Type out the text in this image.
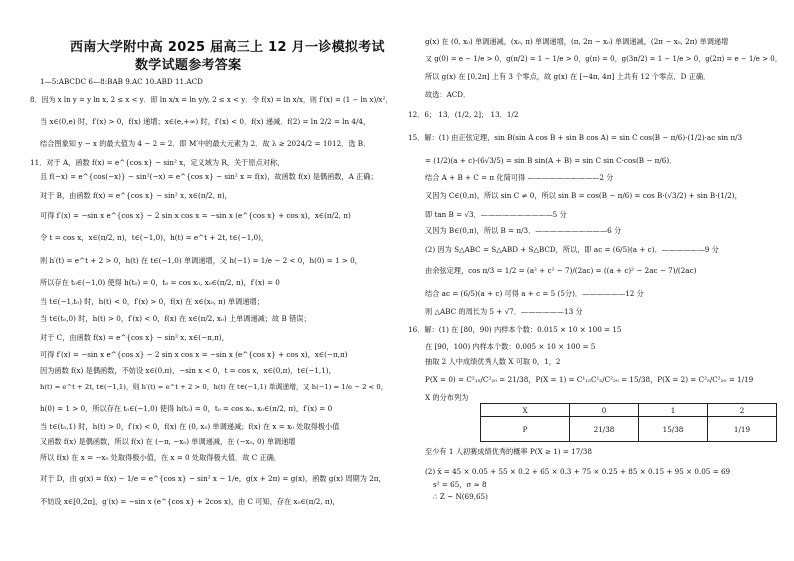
西南大学附中高 2025 届高三上 12 月一诊模拟考试
数学试题参考答案
1—5:ABCDC 6—8:BAB 9.AC 10.ABD 11.ACD
8．因为 x ln y = y ln x, 2 ≤ x < y．即 ln x/x = ln y/y, 2 ≤ x < y．令 f(x) = ln x/x，则 f′(x) = (1 − ln x)/x²，
当 x∈(0,e) 时，f′(x) > 0，f(x) 递增；x∈(e,+∞) 时，f′(x) < 0．f(x) 递减．f(2) = ln 2/2 = ln 4/4，
结合图象知 y − x 的最大值为 4 − 2 = 2．即 M′中的最大元素为 2．故 λ ≥ 2024/2 = 1012．选 B．
11．对于 A，函数 f(x) = e^{cos x} − sin² x，定义域为 R，关于原点对称，
且 f(−x) = e^{cos(−x)} − sin²(−x) = e^{cos x} − sin² x = f(x)，故函数 f(x) 是偶函数，A 正确；
对于 B，由函数 f(x) = e^{cos x} − sin² x, x∈(π/2, π)，
可得 f′(x) = −sin x e^{cos x} − 2 sin x cos x = −sin x (e^{cos x} + cos x)，x∈(π/2, π)
令 t = cos x，x∈(π/2, π)，t∈(−1,0)，h(t) = e^t + 2t, t∈(−1,0)，
则 h′(t) = e^t + 2 > 0，h(t) 在 t∈(−1,0) 单调递增，又 h(−1) = 1/e − 2 < 0，h(0) = 1 > 0，
所以存在 t₀∈(−1,0) 使得 h(t₀) = 0，t₀ = cos x₀, x₀∈(π/2, π)，f′(x) = 0
当 t∈(−1,t₀) 时，h(t) < 0，f′(x) > 0，f(x) 在 x∈(x₀, π) 单调递增；
当 t∈(t₀,0) 时，h(t) > 0，f′(x) < 0，f(x) 在 x∈(π/2, x₀) 上单调递减；故 B 错误；
对于 C，由函数 f(x) = e^{cos x} − sin² x, x∈(−π,π)，
可得 f′(x) = −sin x e^{cos x} − 2 sin x cos x = −sin x (e^{cos x} + cos x)，x∈(−π,π)
因为函数 f(x) 是偶函数，不妨设 x∈(0,π)，−sin x < 0，t = cos x，x∈(0,π)，t∈(−1,1)，
h(t) = e^t + 2t, t∈(−1,1)，则 h′(t) = e^t + 2 > 0，h(t) 在 t∈(−1,1) 单调递增，又 h(−1) = 1/e − 2 < 0，
h(0) = 1 > 0，所以存在 t₀∈(−1,0) 使得 h(t₀) = 0，t₀ = cos x₀, x₀∈(π/2, π)，f′(x) = 0
当 t∈(t₀,1) 时，h(t) > 0，f′(x) < 0，f(x) 在 (0, x₀) 单调递减；f(x) 在 x = x₀ 处取得极小值
又函数 f(x) 是偶函数，所以 f(x) 在 (−π, −x₀) 单调递减，在 (−x₀, 0) 单调递增
所以 f(x) 在 x = −x₀ 处取得极小值，在 x = 0 处取得极大值．故 C 正确．
对于 D，由 g(x) = f(x) − 1/e = e^{cos x} − sin² x − 1/e，g(x + 2π) = g(x)，函数 g(x) 周期为 2π，
不妨设 x∈[0,2π]，g′(x) = −sin x (e^{cos x} + 2cos x)，由 C 可知，存在 x₀∈(π/2, π)，
g(x) 在 (0, x₀) 单调递减，(x₀, π) 单调递增，(π, 2π − x₀) 单调递减，(2π − x₀, 2π) 单调递增
又 g(0) = e − 1/e > 0，g(π/2) = 1 − 1/e > 0，g(π) = 0，g(3π/2) = 1 − 1/e > 0，g(2π) = e − 1/e > 0，
所以 g(x) 在 [0,2π] 上有 3 个零点，故 g(x) 在 [−4π, 4π] 上共有 12 个零点．D 正确．
故选：ACD．
12．6； 13．(1/2, 2]； 13．1/2
15．解：(1) 由正弦定理，sin B(sin A cos B + sin B cos A) = sin C cos(B − π/6)·(1/2)·ac sin π/3
= (1/2)(a + c)·(6√3/5) = sin B sin(A + B) = sin C sin C·cos(B − π/6)．
结合 A + B + C = π 化简可得 ——————————2 分
又因为 C∈(0,π)，所以 sin C ≠ 0，所以 sin B = cos(B − π/6) = cos B·(√3/2) + sin B·(1/2)，
即 tan B = √3．——————————5 分
又因为 B∈(0,π)，所以 B = π/3．——————————6 分
(2) 因为 S△ABC = S△ABD + S△BCD，所以，即 ac = (6/5)(a + c)．——————9 分
由余弦定理，cos π/3 = 1/2 = (a² + c² − 7)/(2ac) = ((a + c)² − 2ac − 7)/(2ac)
结合 ac = (6/5)(a + c) 可得 a + c = 5 (5分)．——————12 分
则 △ABC 的周长为 5 + √7．——————13 分
16．解：(1) 在 [80，90) 内样本个数：0.015 × 10 × 100 = 15
在 [90，100) 内样本个数：0.005 × 10 × 100 = 5
抽取 2 人中成绩优秀人数 X 可取 0，1，2
P(X = 0) = C²₁₅/C²₂₀ = 21/38，P(X = 1) = C¹₁₅C¹₅/C²₂₀ = 15/38，P(X = 2) = C²₅/C²₂₀ = 1/19
X 的分布列为
X	0	1	2
P	21/38	15/38	1/19
至少有 1 人初赛成绩优秀的概率 P(X ≥ 1) = 17/38
(2) x̄ = 45 × 0.05 + 55 × 0.2 + 65 × 0.3 + 75 × 0.25 + 85 × 0.15 + 95 × 0.05 = 69
s² = 65，σ ≈ 8
∴ Z ~ N(69,65)
